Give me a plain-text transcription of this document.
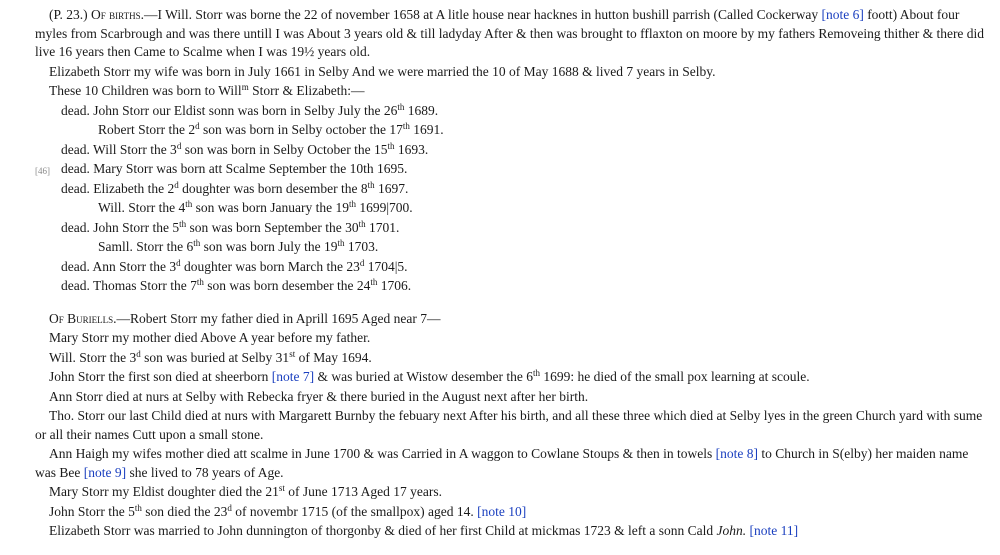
(P. 23.) Of births.—I Will. Storr was borne the 22 of november 1658 at A litle house near hacknes in hutton bushill parrish (Called Cockerway [note 6] foott) About four myles from Scarbrough and was there untill I was About 3 years old & till ladyday After & then was brought to fflaxton on moore by my fathers Removeing thither & there did live 16 years then Came to Scalme when I was 19½ years old.

Elizabeth Storr my wife was born in July 1661 in Selby And we were married the 10 of May 1688 & lived 7 years in Selby.

These 10 Children was born to Will$^m$ Storr & Elizabeth:—

dead. John Storr our Eldist sonn was born in Selby July the 26th 1689.
Robert Storr the 2$^d$ son was born in Selby october the 17th 1691.
dead. Will Storr the 3$^d$ son was born in Selby October the 15th 1693.
[46] dead. Mary Storr was born att Scalme September the 10th 1695.
dead. Elizabeth the 2$^d$ doughter was born desember the 8th 1697.
Will. Storr the 4th son was born January the 19th 1699|700.
dead. John Storr the 5th son was born September the 30th 1701.
Samll. Storr the 6th son was born July the 19th 1703.
dead. Ann Storr the 3$^d$ doughter was born March the 23$^d$ 1704|5.
dead. Thomas Storr the 7th son was born desember the 24th 1706.

Of Buriells.—Robert Storr my father died in Aprill 1695 Aged near 7—

Mary Storr my mother died Above A year before my father.

Will. Storr the 3$^d$ son was buried at Selby 31st of May 1694.

John Storr the first son died at sheerborn [note 7] & was buried at Wistow desember the 6th 1699: he died of the small pox learning at scoule.

Ann Storr died at nurs at Selby with Rebecka fryer & there buried in the August next after her birth.

Tho. Storr our last Child died at nurs with Margarett Burnby the febuary next After his birth, and all these three which died at Selby lyes in the green Church yard with sume or all their names Cutt upon a small stone.

Ann Haigh my wifes mother died att scalme in June 1700 & was Carried in A waggon to Cowlane Stoups & then in towels [note 8] to Church in S(elby) her maiden name was Bee [note 9] she lived to 78 years of Age.

Mary Storr my Eldist doughter died the 21st of June 1713 Aged 17 years.

John Storr the 5th son died the 23$^d$ of novembr 1715 (of the smallpox) aged 14. [note 10]

Elizabeth Storr was married to John dunnington of thorgonby & died of her first Child at mickmas 1723 & left a sonn Cald John. [note 11]
